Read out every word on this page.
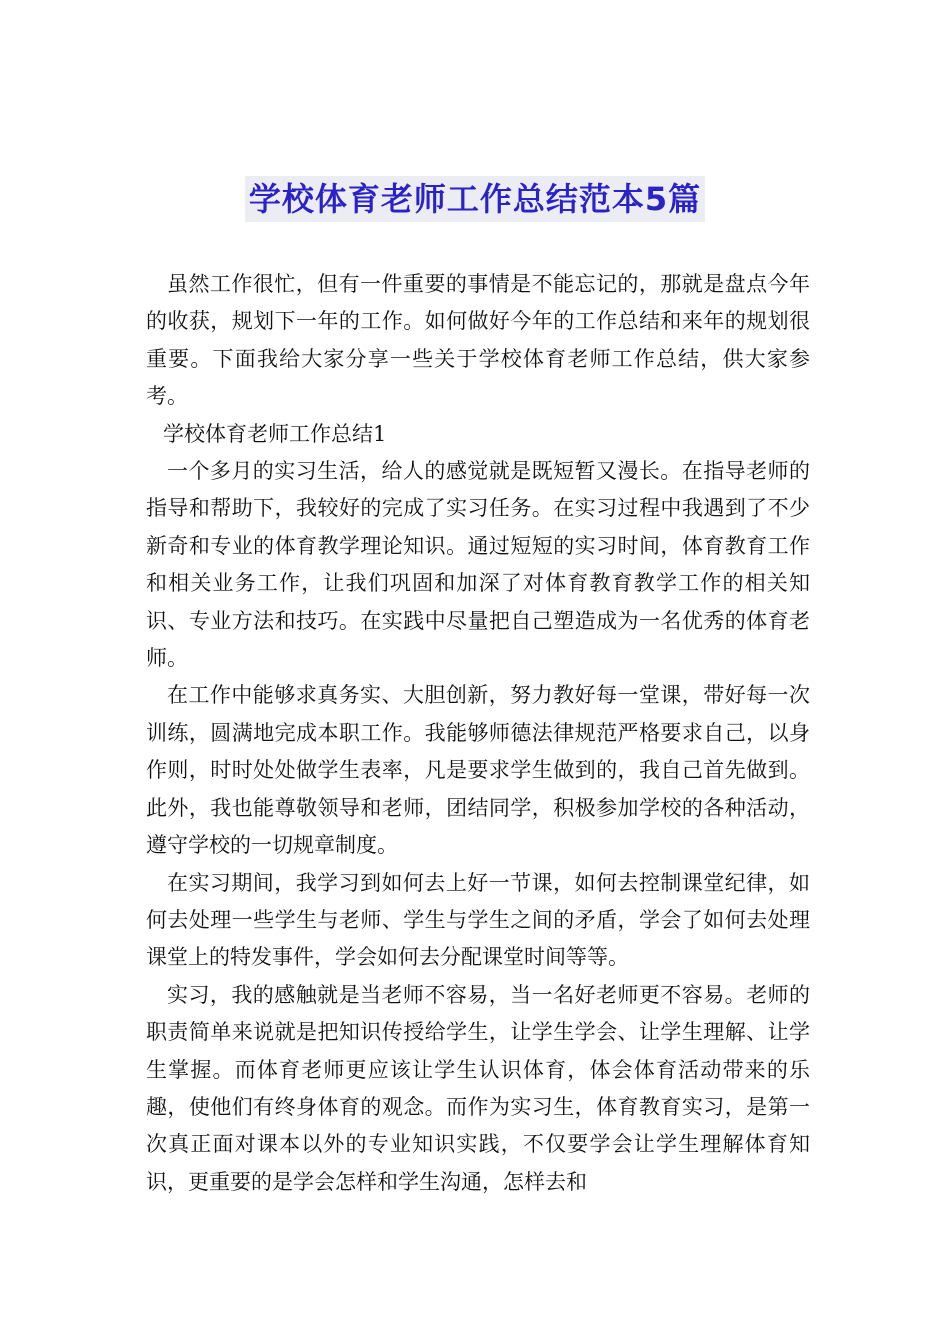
学校体育老师工作总结范本5篇

虽然工作很忙，但有一件重要的事情是不能忘记的，那就是盘点今年的收获，规划下一年的工作。如何做好今年的工作总结和来年的规划很重要。下面我给大家分享一些关于学校体育老师工作总结，供大家参考。

学校体育老师工作总结1

一个多月的实习生活，给人的感觉就是既短暂又漫长。在指导老师的指导和帮助下，我较好的完成了实习任务。在实习过程中我遇到了不少新奇和专业的体育教学理论知识。通过短短的实习时间，体育教育工作和相关业务工作，让我们巩固和加深了对体育教育教学工作的相关知识、专业方法和技巧。在实践中尽量把自己塑造成为一名优秀的体育老师。

在工作中能够求真务实、大胆创新，努力教好每一堂课，带好每一次训练，圆满地完成本职工作。我能够师德法律规范严格要求自己，以身作则，时时处处做学生表率，凡是要求学生做到的，我自己首先做到。此外，我也能尊敬领导和老师，团结同学，积极参加学校的各种活动，遵守学校的一切规章制度。

在实习期间，我学习到如何去上好一节课，如何去控制课堂纪律，如何去处理一些学生与老师、学生与学生之间的矛盾，学会了如何去处理课堂上的特发事件，学会如何去分配课堂时间等等。

实习，我的感触就是当老师不容易，当一名好老师更不容易。老师的职责简单来说就是把知识传授给学生，让学生学会、让学生理解、让学生掌握。而体育老师更应该让学生认识体育，体会体育活动带来的乐趣，使他们有终身体育的观念。而作为实习生，体育教育实习，是第一次真正面对课本以外的专业知识实践，不仅要学会让学生理解体育知识，更重要的是学会怎样和学生沟通，怎样去和
